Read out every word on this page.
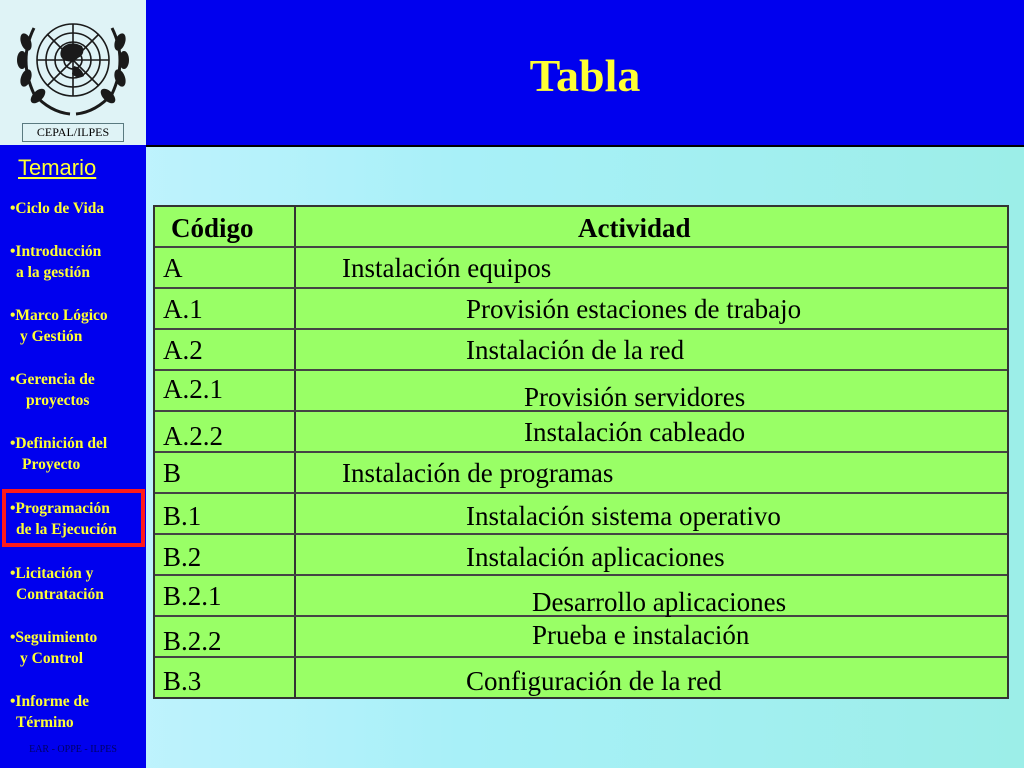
CEPAL/ILPES
Tabla
Temario
•Ciclo de Vida
•Introducción
a la gestión
•Marco Lógico
y Gestión
•Gerencia de
proyectos
•Definición del
Proyecto
•Programación
de la Ejecución
•Licitación y
Contratación
•Seguimiento
y Control
•Informe de
Término
EAR - OPPE - ILPES
Código	Actividad
A	Instalación equipos
A.1	Provisión estaciones de trabajo
A.2	Instalación de la red
A.2.1	Provisión servidores
A.2.2	Instalación cableado
B	Instalación de programas
B.1	Instalación sistema operativo
B.2	Instalación aplicaciones
B.2.1	Desarrollo aplicaciones
B.2.2	Prueba e instalación
B.3	Configuración de la red
